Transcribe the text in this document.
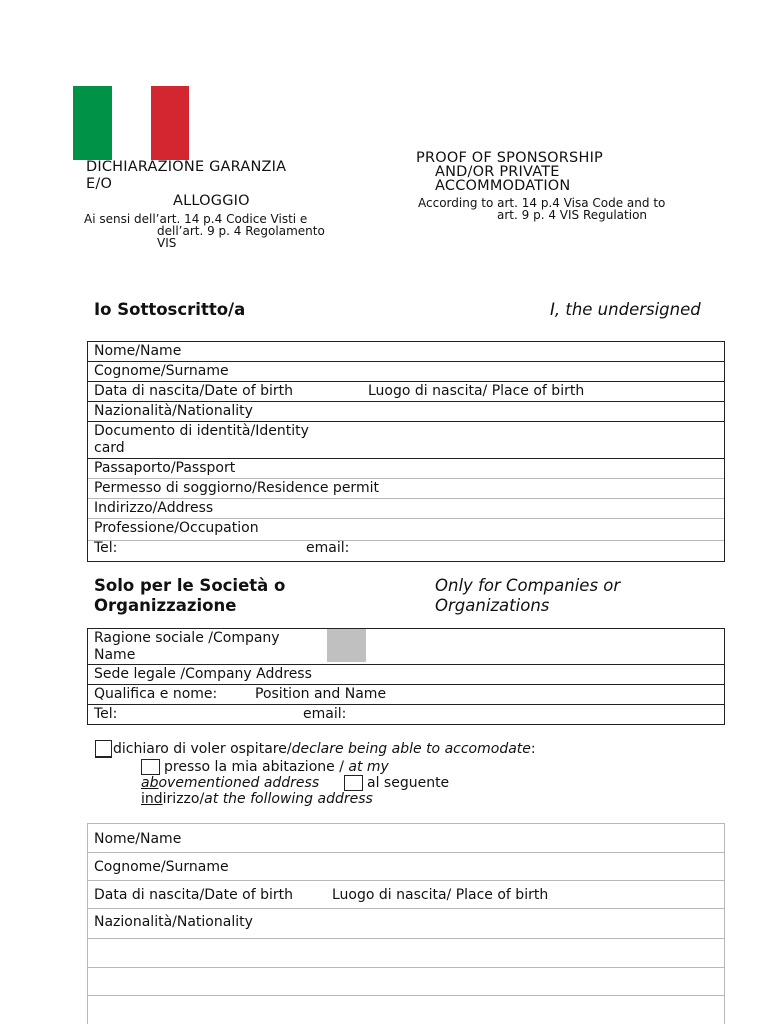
DICHIARAZIONE GARANZIA
E/O
ALLOGGIO
Ai sensi dell’art. 14 p.4 Codice Visti e
dell’art. 9 p. 4 Regolamento
VIS
PROOF OF SPONSORSHIP
AND/OR PRIVATE
ACCOMMODATION
According to art. 14 p.4 Visa Code and to
art. 9 p. 4 VIS Regulation
Io Sottoscritto/a	I, the undersigned
Nome/Name
Cognome/Surname
Data di nascita/Date of birth	Luogo di nascita/ Place of birth
Nazionalità/Nationality
Documento di identità/Identity
card
Passaporto/Passport
Permesso di soggiorno/Residence permit
Indirizzo/Address
Professione/Occupation
Tel:	email:
Solo per le Società o
Organizzazione
Only for Companies or
Organizations
Ragione sociale /Company
Name
Sede legale /Company Address
Qualifica e nome:	Position and Name
Tel:	email:
dichiaro di voler ospitare/declare being able to accomodate:
presso la mia abitazione / at my
abovementioned address	al seguente
indirizzo/at the following address
Nome/Name
Cognome/Surname
Data di nascita/Date of birth	Luogo di nascita/ Place of birth
Nazionalità/Nationality
